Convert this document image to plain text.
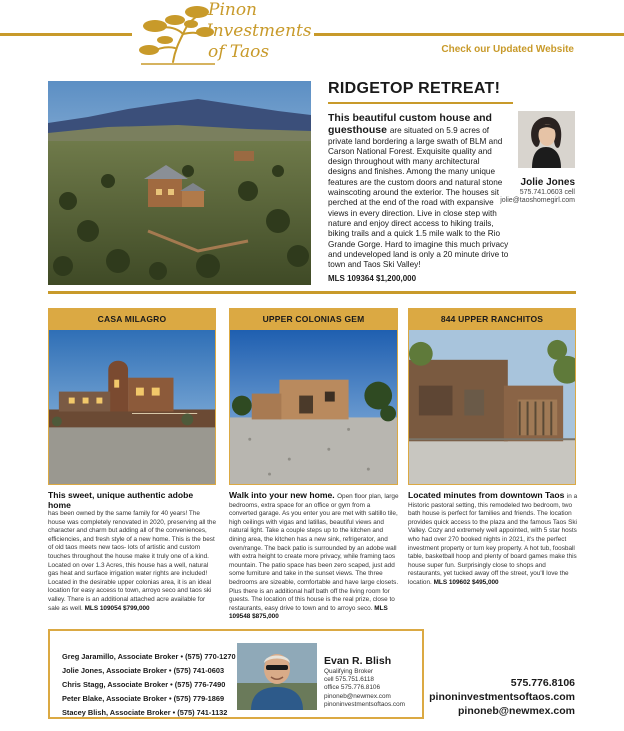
Pinon
Investments
of Taos	Check our Updated Website
RIDGETOP RETREAT!
This beautiful custom house and guesthouse are situated on 5.9 acres of private land bordering a large swath of BLM and Carson National Forest. Exquisite quality and design throughout with many architectural designs and finishes. Among the many unique features are the custom doors and natural stone wainscoting around the exterior. The houses sit perched at the end of the road with expansive views in every direction. Live in close step with nature and enjoy direct access to hiking trails, biking trails and a quick 1.5 mile walk to the Rio Grande Gorge. Hard to imagine this much privacy and undeveloped land is only a 20 minute drive to town and Taos Ski Valley!
MLS 109364 $1,200,000
Jolie Jones
575.741.0603 cell
jolie@taoshomegirl.com
CASA MILAGRO
This sweet, unique authentic adobe home
has been owned by the same family for 40 years! The house was completely renovated in 2020, preserving all the character and charm but adding all of the conveniences, efficiencies, and fresh style of a new home. This is the best of old taos meets new taos- lots of artistic and custom touches throughout the house make it truly one of a kind. Located on over 1.3 Acres, this house has a well, natural gas heat and surface irrigation water rights are included! Located in the desirable upper colonias area, it is an ideal location for easy access to town, arroyo seco and taos ski valley. There is an additional attached acre available for sale as well. MLS 109054 $799,000
UPPER COLONIAS GEM
Walk into your new home. Open floor plan, large bedrooms, extra space for an office or gym from a converted garage. As you enter you are met with saltillo tile, high ceilings with vigas and latillas, beautiful views and natural light. Take a couple steps up to the kitchen and dining area, the kitchen has a new sink, refrigerator, and oven/range. The back patio is surrounded by an adobe wall with extra height to create more privacy, while framing taos mountain. The patio space has been zero scaped, just add some furniture and take in the sunset views. The three bedrooms are sizeable, comfortable and have large closets. Plus there is an additional half bath off the living room for guests. The location of this house is the real prize, close to restaurants, easy drive to town and to arroyo seco. MLS 109548 $875,000
844 UPPER RANCHITOS
Located minutes from downtown Taos in a Historic pastoral setting, this remodeled two bedroom, two bath house is perfect for families and friends. The location provides quick access to the plaza and the famous Taos Ski Valley. Cozy and extremely well appointed, with 5 star hosts who had over 270 booked nights in 2021, it's the perfect investment property or turn key property. A hot tub, foosball table, basketball hoop and plenty of board games make this house super fun. Surprisingly close to shops and restaurants, yet tucked away off the street, you'll love the location. MLS 109602 $495,000
Greg Jaramillo, Associate Broker • (575) 770-1270
Jolie Jones, Associate Broker • (575) 741-0603
Chris Stagg, Associate Broker • (575) 776-7490
Peter Blake, Associate Broker • (575) 779-1869
Stacey Blish, Associate Broker • (575) 741-1132
Evan R. Blish
Qualifying Broker
cell 575.751.6118
office 575.776.8106
pinoneb@newmex.com
pinoninvestmentsoftaos.com
575.776.8106
pinoninvestmentsoftaos.com
pinoneb@newmex.com
